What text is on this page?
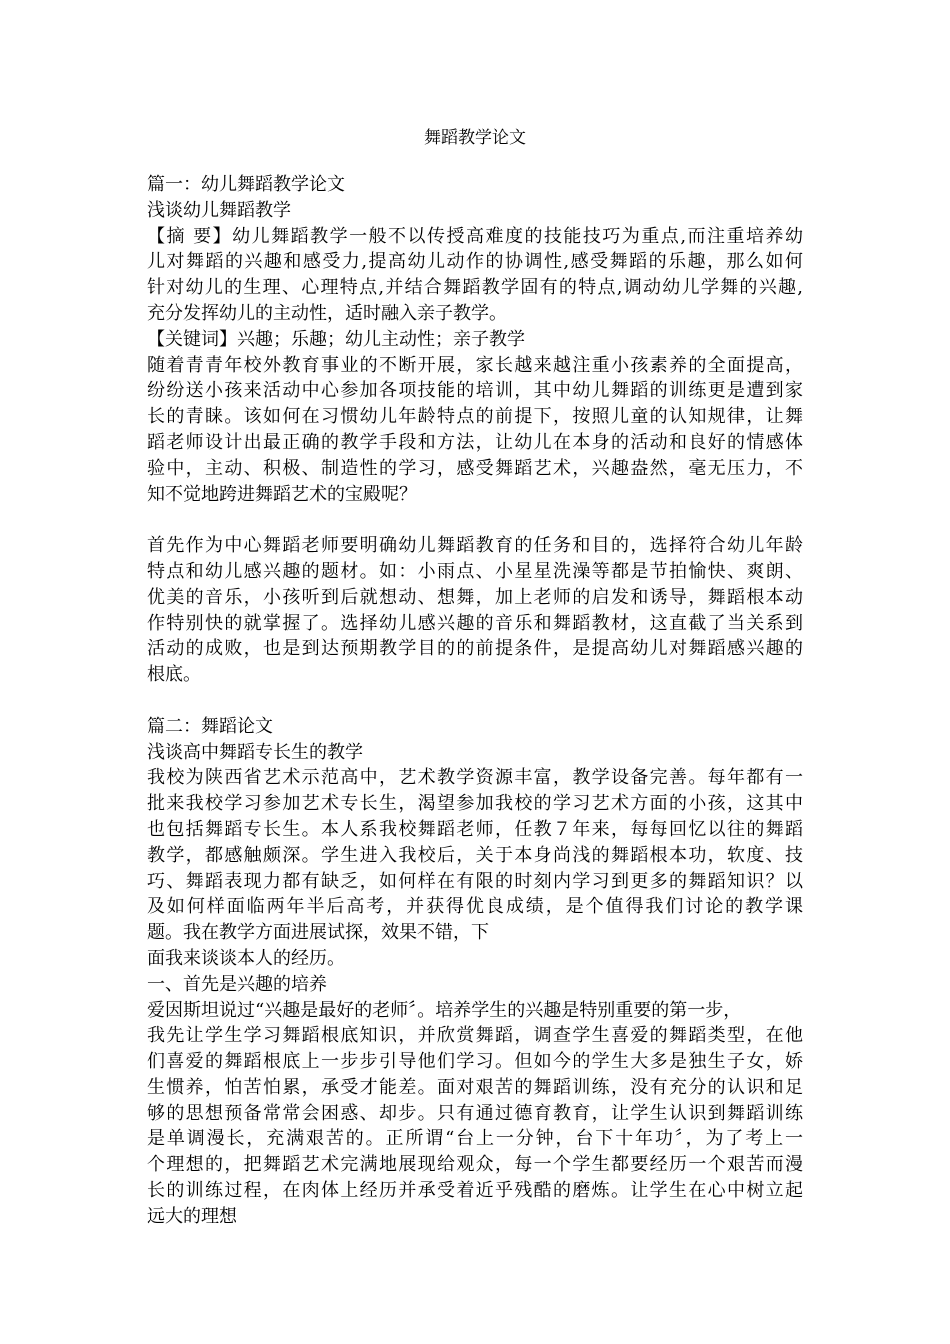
舞蹈教学论文
篇一：幼儿舞蹈教学论文
浅谈幼儿舞蹈教学
【摘 要】幼儿舞蹈教学一般不以传授高难度的技能技巧为重点,而注重培养幼
儿对舞蹈的兴趣和感受力,提高幼儿动作的协调性,感受舞蹈的乐趣，那么如何
针对幼儿的生理、心理特点,并结合舞蹈教学固有的特点,调动幼儿学舞的兴趣,
充分发挥幼儿的主动性，适时融入亲子教学。
【关键词】兴趣；乐趣；幼儿主动性；亲子教学
随着青青年校外教育事业的不断开展，家长越来越注重小孩素养的全面提高，
纷纷送小孩来活动中心参加各项技能的培训，其中幼儿舞蹈的训练更是遭到家
长的青睐。该如何在习惯幼儿年龄特点的前提下，按照儿童的认知规律，让舞
蹈老师设计出最正确的教学手段和方法，让幼儿在本身的活动和良好的情感体
验中，主动、积极、制造性的学习，感受舞蹈艺术，兴趣盎然，毫无压力，不
知不觉地跨进舞蹈艺术的宝殿呢？
首先作为中心舞蹈老师要明确幼儿舞蹈教育的任务和目的，选择符合幼儿年龄
特点和幼儿感兴趣的题材。如：小雨点、小星星洗澡等都是节拍愉快、爽朗、
优美的音乐，小孩听到后就想动、想舞，加上老师的启发和诱导，舞蹈根本动
作特别快的就掌握了。选择幼儿感兴趣的音乐和舞蹈教材，这直截了当关系到
活动的成败，也是到达预期教学目的的前提条件，是提高幼儿对舞蹈感兴趣的
根底。
篇二：舞蹈论文
浅谈高中舞蹈专长生的教学
我校为陕西省艺术示范高中，艺术教学资源丰富，教学设备完善。每年都有一
批来我校学习参加艺术专长生，渴望参加我校的学习艺术方面的小孩，这其中
也包括舞蹈专长生。本人系我校舞蹈老师，任教７年来，每每回忆以往的舞蹈
教学，都感触颇深。学生进入我校后，关于本身尚浅的舞蹈根本功，软度、技
巧、舞蹈表现力都有缺乏，如何样在有限的时刻内学习到更多的舞蹈知识？以
及如何样面临两年半后高考，并获得优良成绩，是个值得我们讨论的教学课
题。我在教学方面进展试探，效果不错，下
面我来谈谈本人的经历。
一、首先是兴趣的培养
爱因斯坦说过“兴趣是最好的老师〞。培养学生的兴趣是特别重要的第一步，
我先让学生学习舞蹈根底知识，并欣赏舞蹈，调查学生喜爱的舞蹈类型，在他
们喜爱的舞蹈根底上一步步引导他们学习。但如今的学生大多是独生子女，娇
生惯养，怕苦怕累，承受才能差。面对艰苦的舞蹈训练，没有充分的认识和足
够的思想预备常常会困惑、却步。只有通过德育教育，让学生认识到舞蹈训练
是单调漫长，充满艰苦的。正所谓“台上一分钟，台下十年功〞，为了考上一
个理想的，把舞蹈艺术完满地展现给观众，每一个学生都要经历一个艰苦而漫
长的训练过程，在肉体上经历并承受着近乎残酷的磨炼。让学生在心中树立起
远大的理想
